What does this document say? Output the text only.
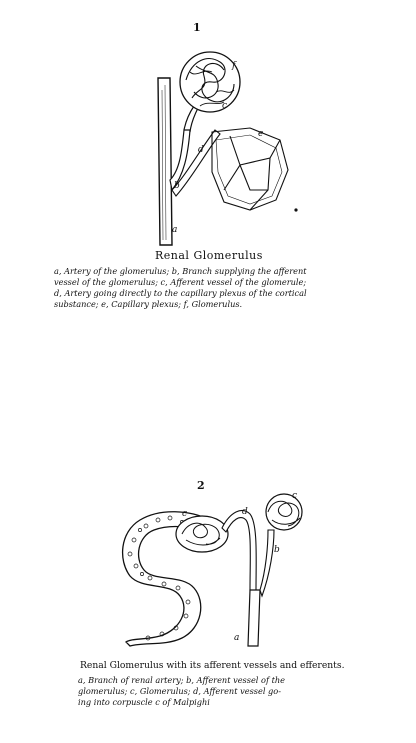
1
a
b
c
d
e
f
Renal Glomerulus
a, Artery of the glomerulus; b, Branch supplying the afferent
vessel of the glomerulus; c, Afferent vessel of the glomerule;
d, Artery going directly to the capillary plexus of the cortical
substance; e, Capillary plexus; f, Glomerulus.
2
a
b
c
c
d
Renal Glomerulus with its afferent vessels and efferents.
a, Branch of renal artery; b, Afferent vessel of the
glomerulus; c, Glomerulus; d, Afferent vessel go-
ing into corpuscle c of Malpighi
